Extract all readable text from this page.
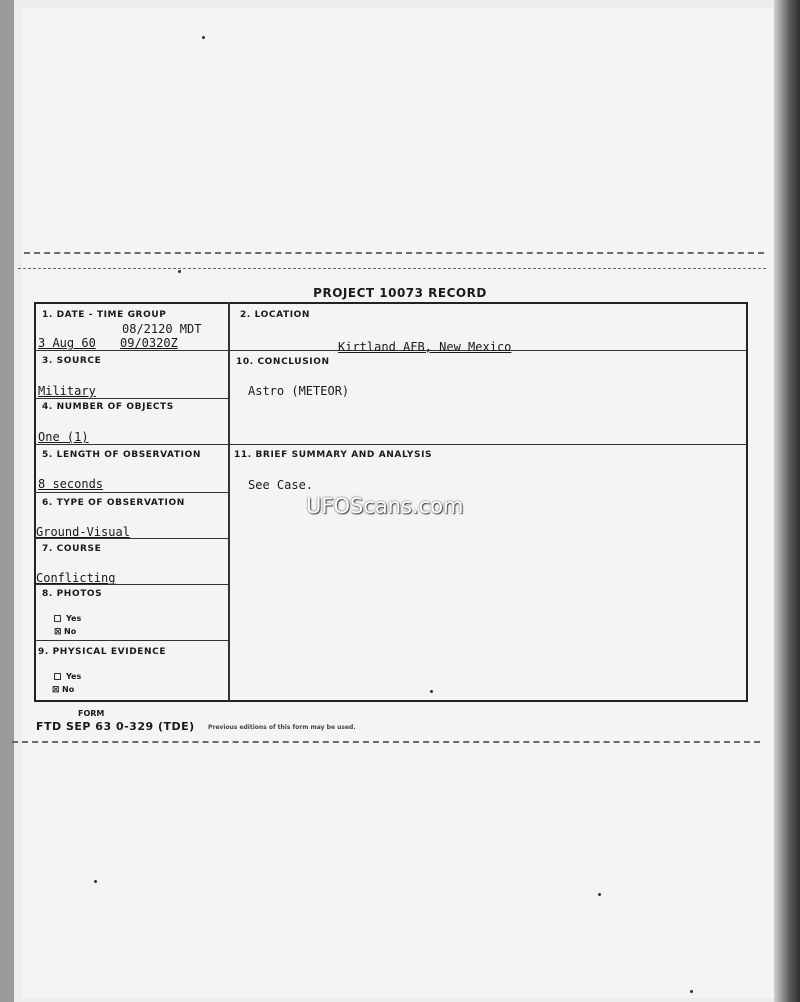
PROJECT 10073 RECORD
1. DATE - TIME GROUP
08/2120 MDT
3 Aug 60 09/0320Z
2. LOCATION
Kirtland AFB, New Mexico
3. SOURCE
Military
10. CONCLUSION
Astro (METEOR)
4. NUMBER OF OBJECTS
One (1)
5. LENGTH OF OBSERVATION
8 seconds
11. BRIEF SUMMARY AND ANALYSIS
See Case.
6. TYPE OF OBSERVATION
Ground-Visual
7. COURSE
Conflicting
8. PHOTOS
Yes
⊠ No
9. PHYSICAL EVIDENCE
Yes
⊠ No
FORM
FTD SEP 63 0-329 (TDE) Previous editions of this form may be used.
UFOScans.com
